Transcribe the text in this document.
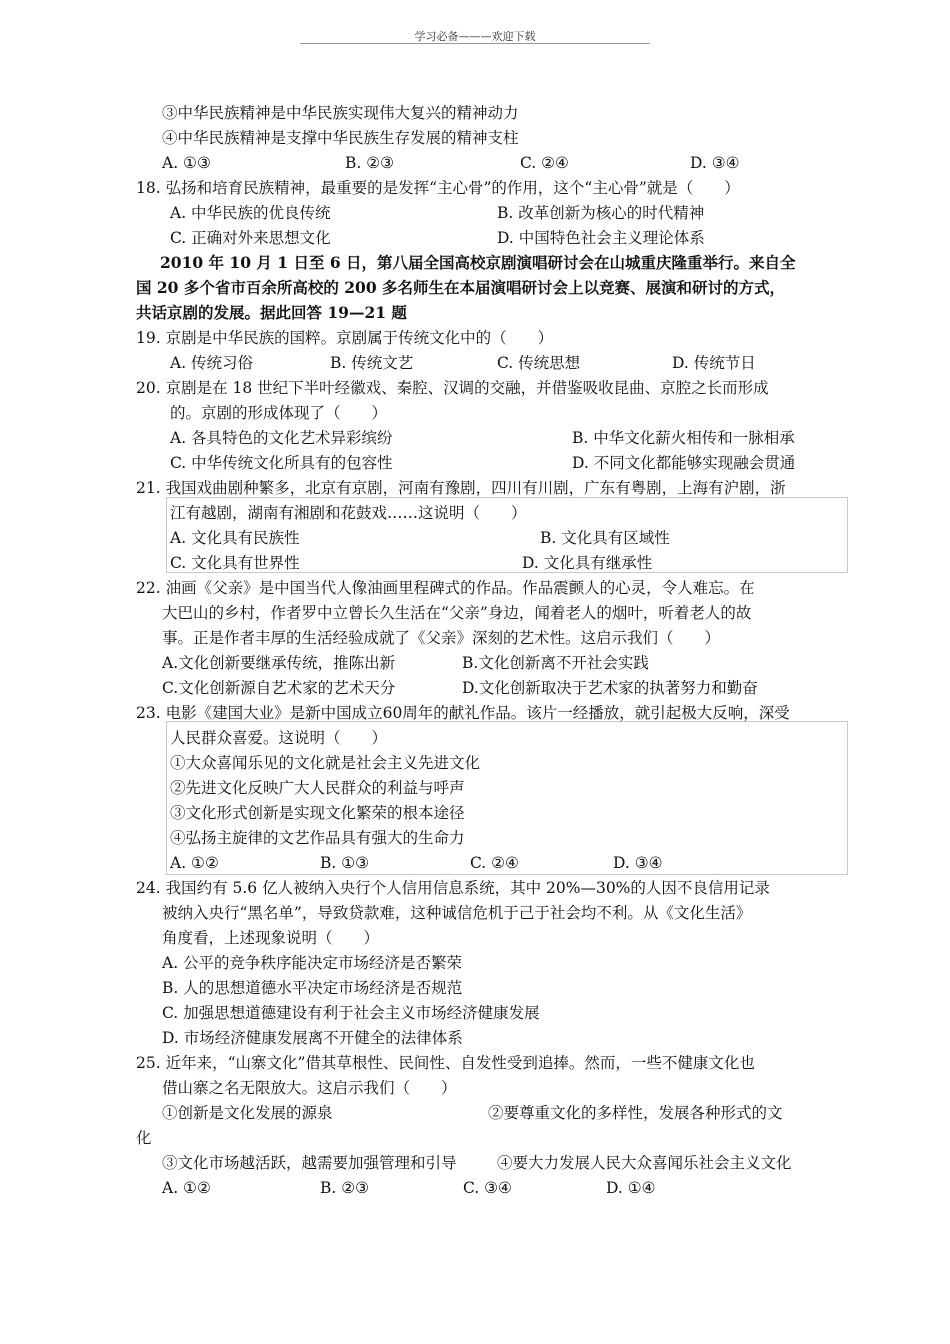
学习必备———欢迎下载
③中华民族精神是中华民族实现伟大复兴的精神动力
④中华民族精神是支撑中华民族生存发展的精神支柱
A. ①③	B. ②③	C. ②④	D. ③④
18. 弘扬和培育民族精神，最重要的是发挥“主心骨”的作用，这个“主心骨”就是（　　）
A. 中华民族的优良传统	B. 改革创新为核心的时代精神
C. 正确对外来思想文化	D. 中国特色社会主义理论体系
2010 年 10 月 1 日至 6 日，第八届全国高校京剧演唱研讨会在山城重庆隆重举行。来自全
国 20 多个省市百余所高校的 200 多名师生在本届演唱研讨会上以竞赛、展演和研讨的方式，
共话京剧的发展。据此回答 19—21 题
19. 京剧是中华民族的国粹。京剧属于传统文化中的（　　）
A. 传统习俗	B. 传统文艺	C. 传统思想	D. 传统节日
20. 京剧是在 18 世纪下半叶经徽戏、秦腔、汉调的交融，并借鉴吸收昆曲、京腔之长而形成
的。京剧的形成体现了（　　）
A. 各具特色的文化艺术异彩缤纷	B. 中华文化薪火相传和一脉相承
C. 中华传统文化所具有的包容性	D. 不同文化都能够实现融会贯通
21. 我国戏曲剧种繁多，北京有京剧，河南有豫剧，四川有川剧，广东有粤剧，上海有沪剧，浙
江有越剧，湖南有湘剧和花鼓戏……这说明（　　）
A. 文化具有民族性	B. 文化具有区域性
C. 文化具有世界性	D. 文化具有继承性
22. 油画《父亲》是中国当代人像油画里程碑式的作品。作品震颤人的心灵，令人难忘。在
大巴山的乡村，作者罗中立曾长久生活在“父亲”身边，闻着老人的烟叶，听着老人的故
事。正是作者丰厚的生活经验成就了《父亲》深刻的艺术性。这启示我们（　　）
A.文化创新要继承传统，推陈出新	B.文化创新离不开社会实践
C.文化创新源自艺术家的艺术天分	D.文化创新取决于艺术家的执著努力和勤奋
23. 电影《建国大业》是新中国成立60周年的献礼作品。该片一经播放，就引起极大反响，深受
人民群众喜爱。这说明（　　）
①大众喜闻乐见的文化就是社会主义先进文化
②先进文化反映广大人民群众的利益与呼声
③文化形式创新是实现文化繁荣的根本途径
④弘扬主旋律的文艺作品具有强大的生命力
A. ①②	B. ①③	C. ②④	D. ③④
24. 我国约有 5.6 亿人被纳入央行个人信用信息系统，其中 20%—30%的人因不良信用记录
被纳入央行“黑名单”，导致贷款难，这种诚信危机于己于社会均不利。从《文化生活》
角度看，上述现象说明（　　）
A. 公平的竞争秩序能决定市场经济是否繁荣
B. 人的思想道德水平决定市场经济是否规范
C. 加强思想道德建设有利于社会主义市场经济健康发展
D. 市场经济健康发展离不开健全的法律体系
25. 近年来，“山寨文化”借其草根性、民间性、自发性受到追捧。然而，一些不健康文化也
借山寨之名无限放大。这启示我们（　　）
①创新是文化发展的源泉	②要尊重文化的多样性，发展各种形式的文
化
③文化市场越活跃，越需要加强管理和引导	④要大力发展人民大众喜闻乐社会主义文化
A. ①②	B. ②③	C. ③④	D. ①④
